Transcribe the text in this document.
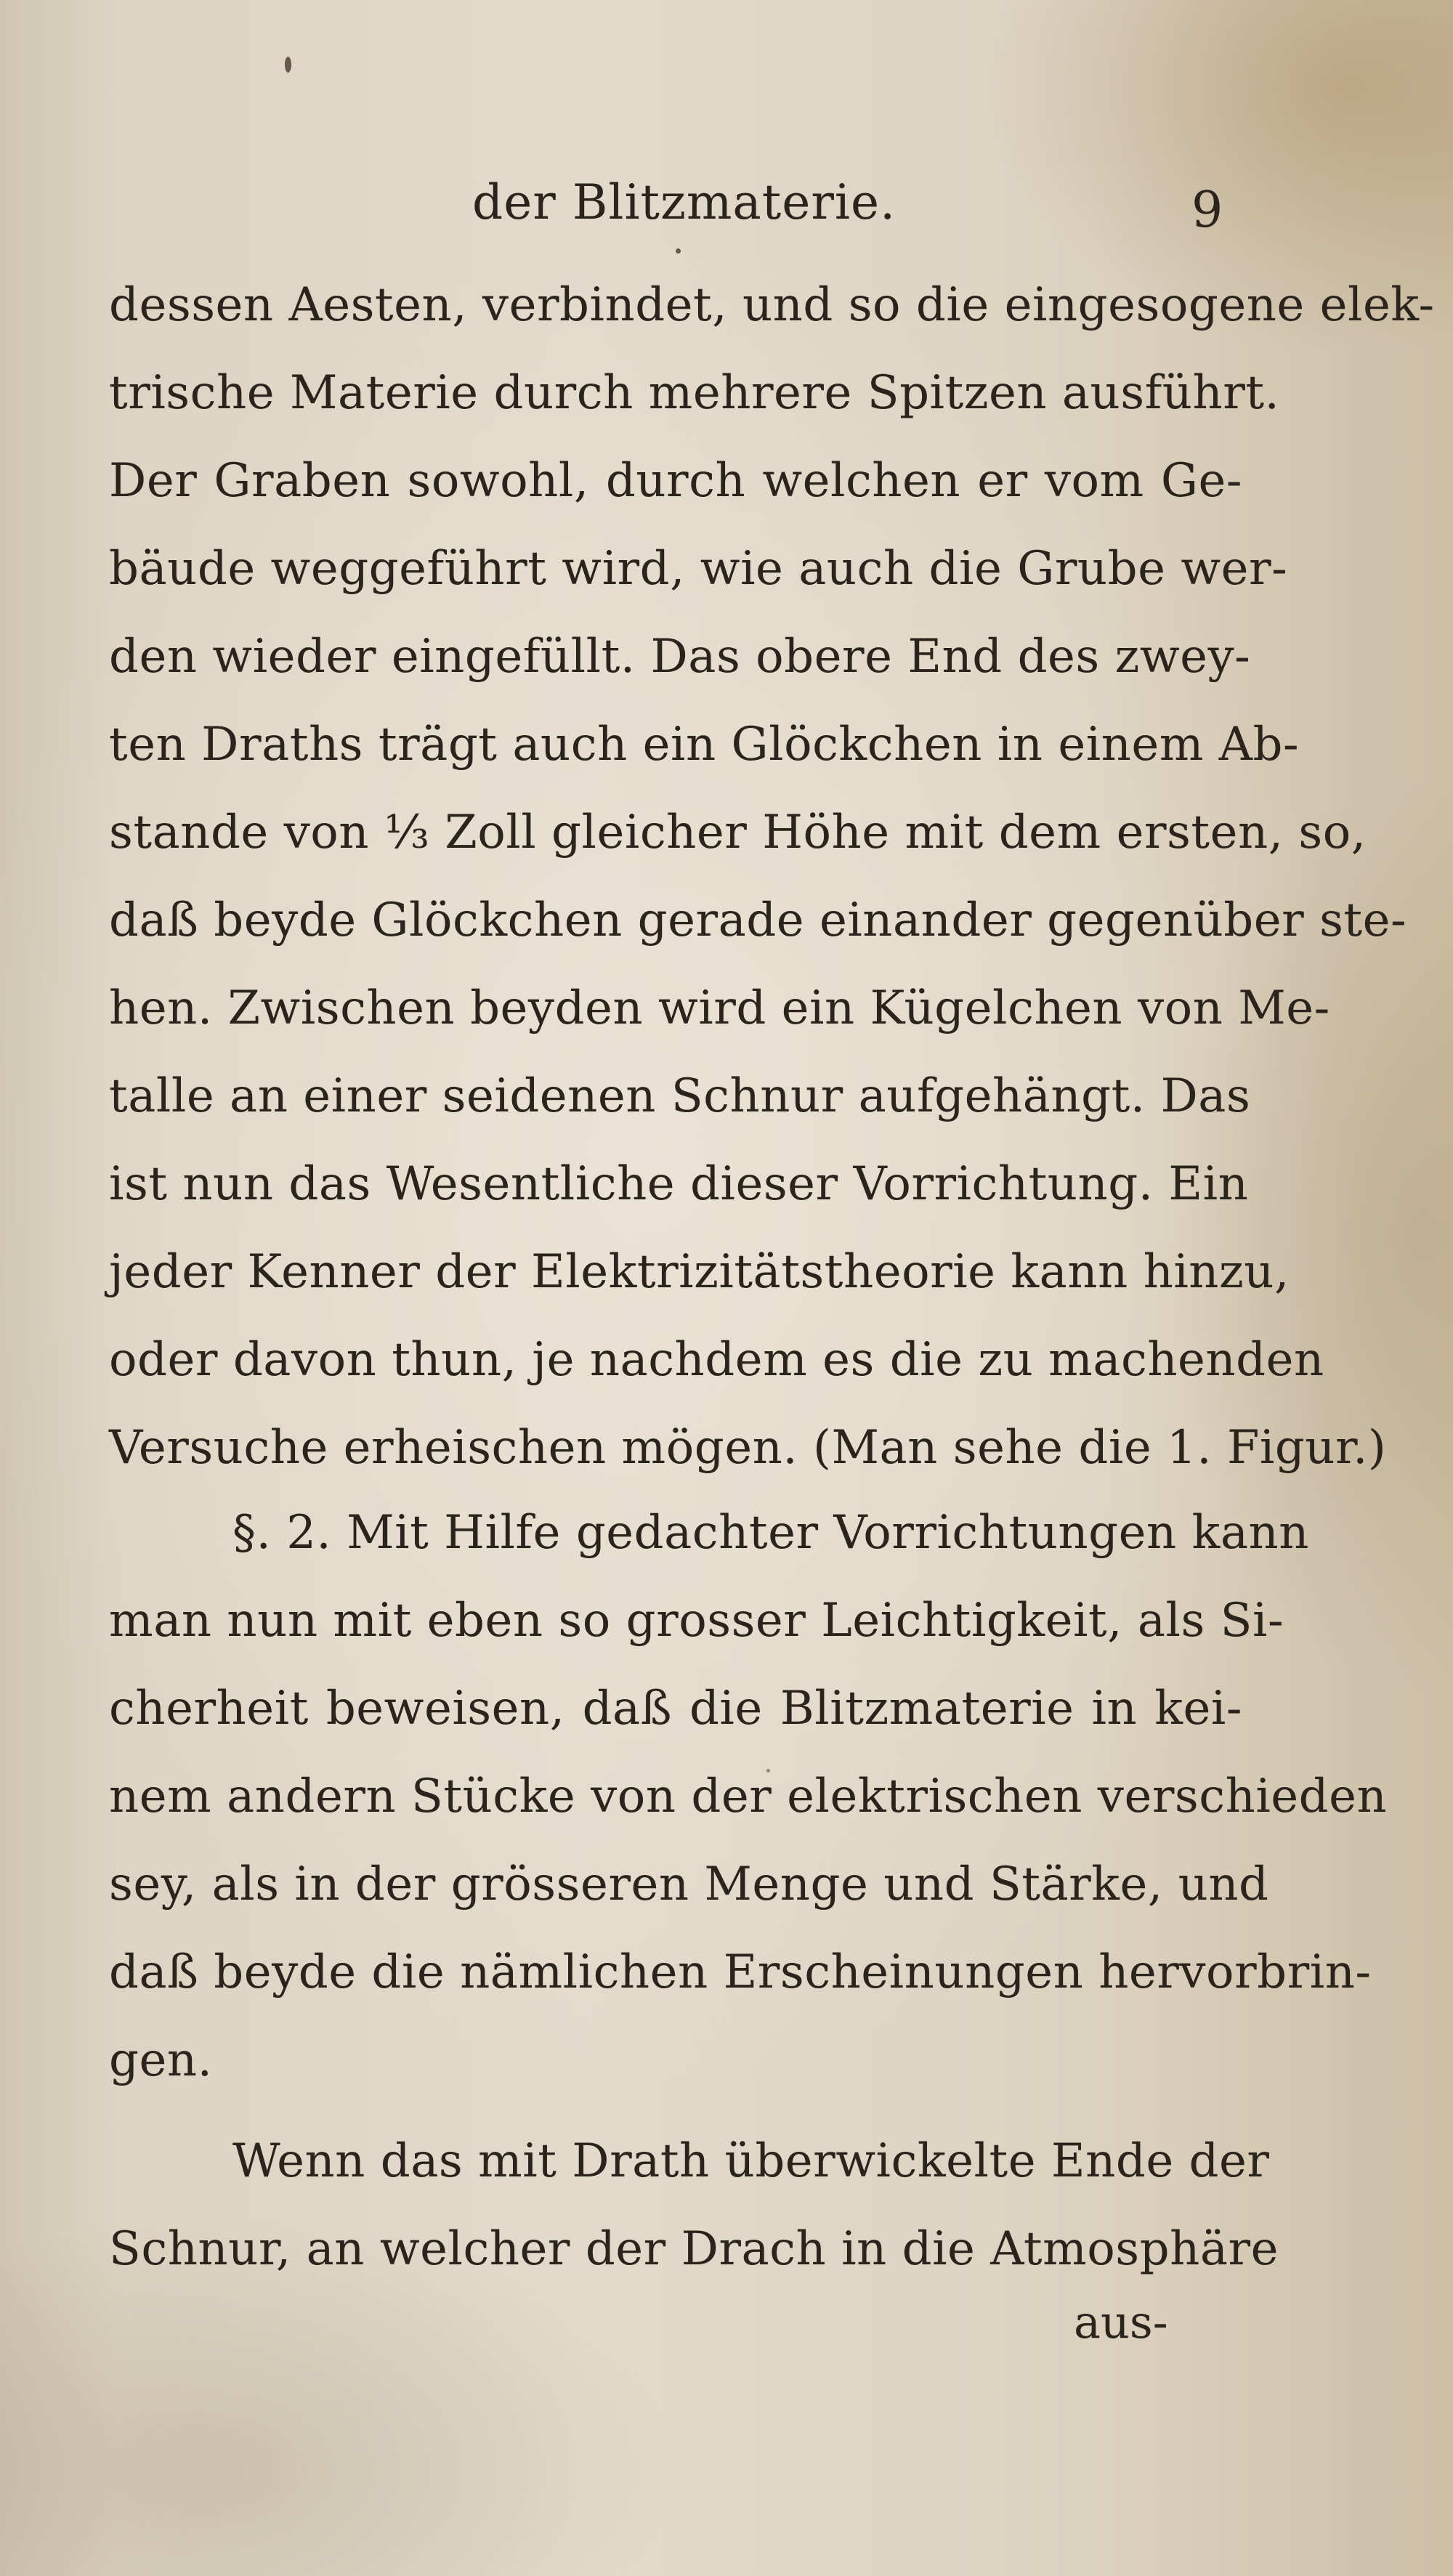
der Blitzmaterie.	9
dessen Aesten, verbindet, und so die eingesogene elek-
trische Materie durch mehrere Spitzen ausführt.
Der Graben sowohl, durch welchen er vom Ge-
bäude weggeführt wird, wie auch die Grube wer-
den wieder eingefüllt. Das obere End des zwey-
ten Draths trägt auch ein Glöckchen in einem Ab-
stande von ⅓ Zoll gleicher Höhe mit dem ersten, so,
daß beyde Glöckchen gerade einander gegenüber ste-
hen. Zwischen beyden wird ein Kügelchen von Me-
talle an einer seidenen Schnur aufgehängt. Das
ist nun das Wesentliche dieser Vorrichtung. Ein
jeder Kenner der Elektrizitätstheorie kann hinzu,
oder davon thun, je nachdem es die zu machenden
Versuche erheischen mögen. (Man sehe die 1. Figur.)
§. 2. Mit Hilfe gedachter Vorrichtungen kann
man nun mit eben so grosser Leichtigkeit, als Si-
cherheit beweisen, daß die Blitzmaterie in kei-
nem andern Stücke von der elektrischen verschieden
sey, als in der grösseren Menge und Stärke, und
daß beyde die nämlichen Erscheinungen hervorbrin-
gen.
Wenn das mit Drath überwickelte Ende der
Schnur, an welcher der Drach in die Atmosphäre
aus-
